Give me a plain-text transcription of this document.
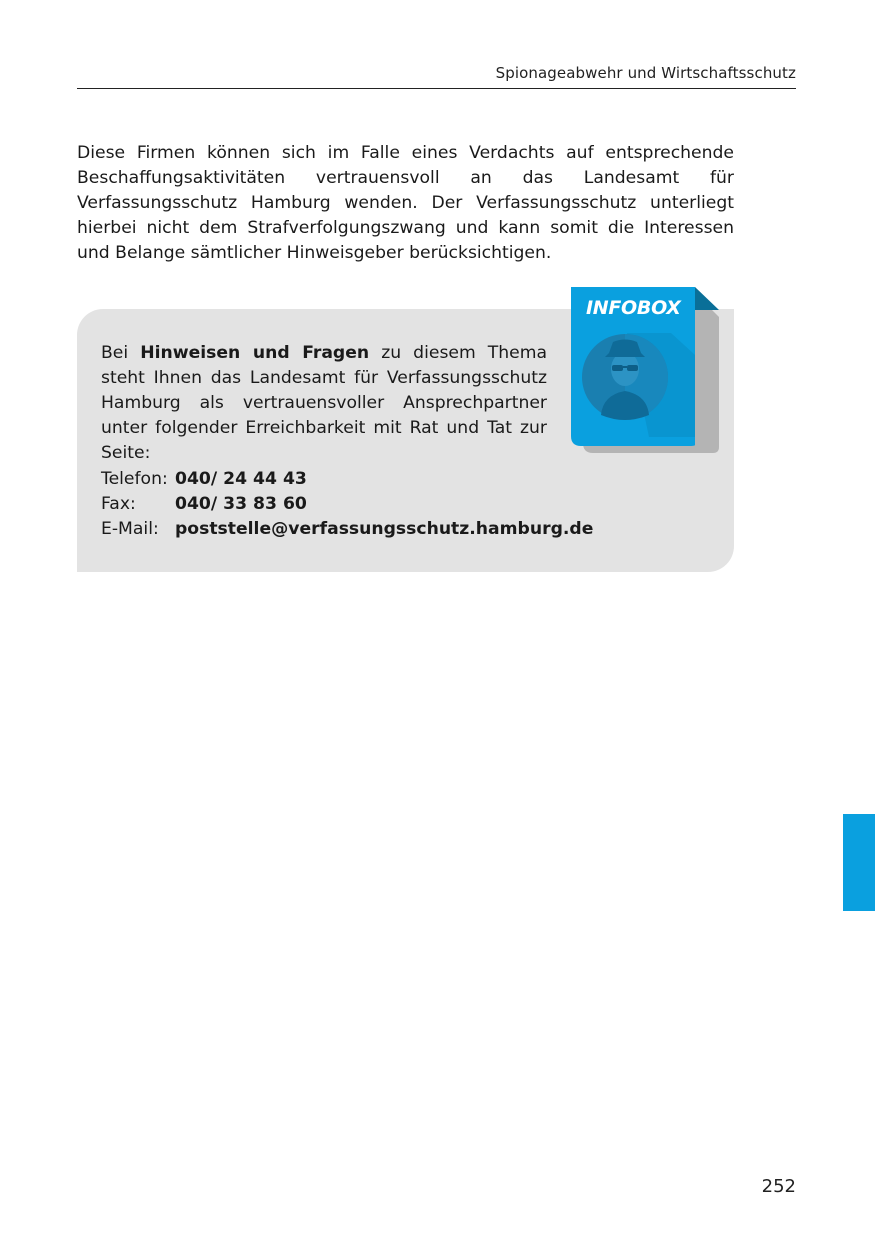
Spionageabwehr und Wirtschaftsschutz

Diese Firmen können sich im Falle eines Verdachts auf entsprechende Beschaffungsaktivitäten vertrauensvoll an das Landesamt für Verfassungsschutz Hamburg wenden. Der Verfassungsschutz unterliegt hierbei nicht dem Strafverfolgungszwang und kann somit die Interessen und Belange sämtlicher Hinweisgeber berücksichtigen.

Bei Hinweisen und Fragen zu diesem Thema steht Ihnen das Landesamt für Verfassungsschutz Hamburg als vertrauensvoller Ansprechpartner unter folgender Erreichbarkeit mit Rat und Tat zur Seite:

Telefon:	040/ 24 44 43
Fax:	040/ 33 83 60
E-Mail:	poststelle@verfassungsschutz.hamburg.de
INFOBOX
252
